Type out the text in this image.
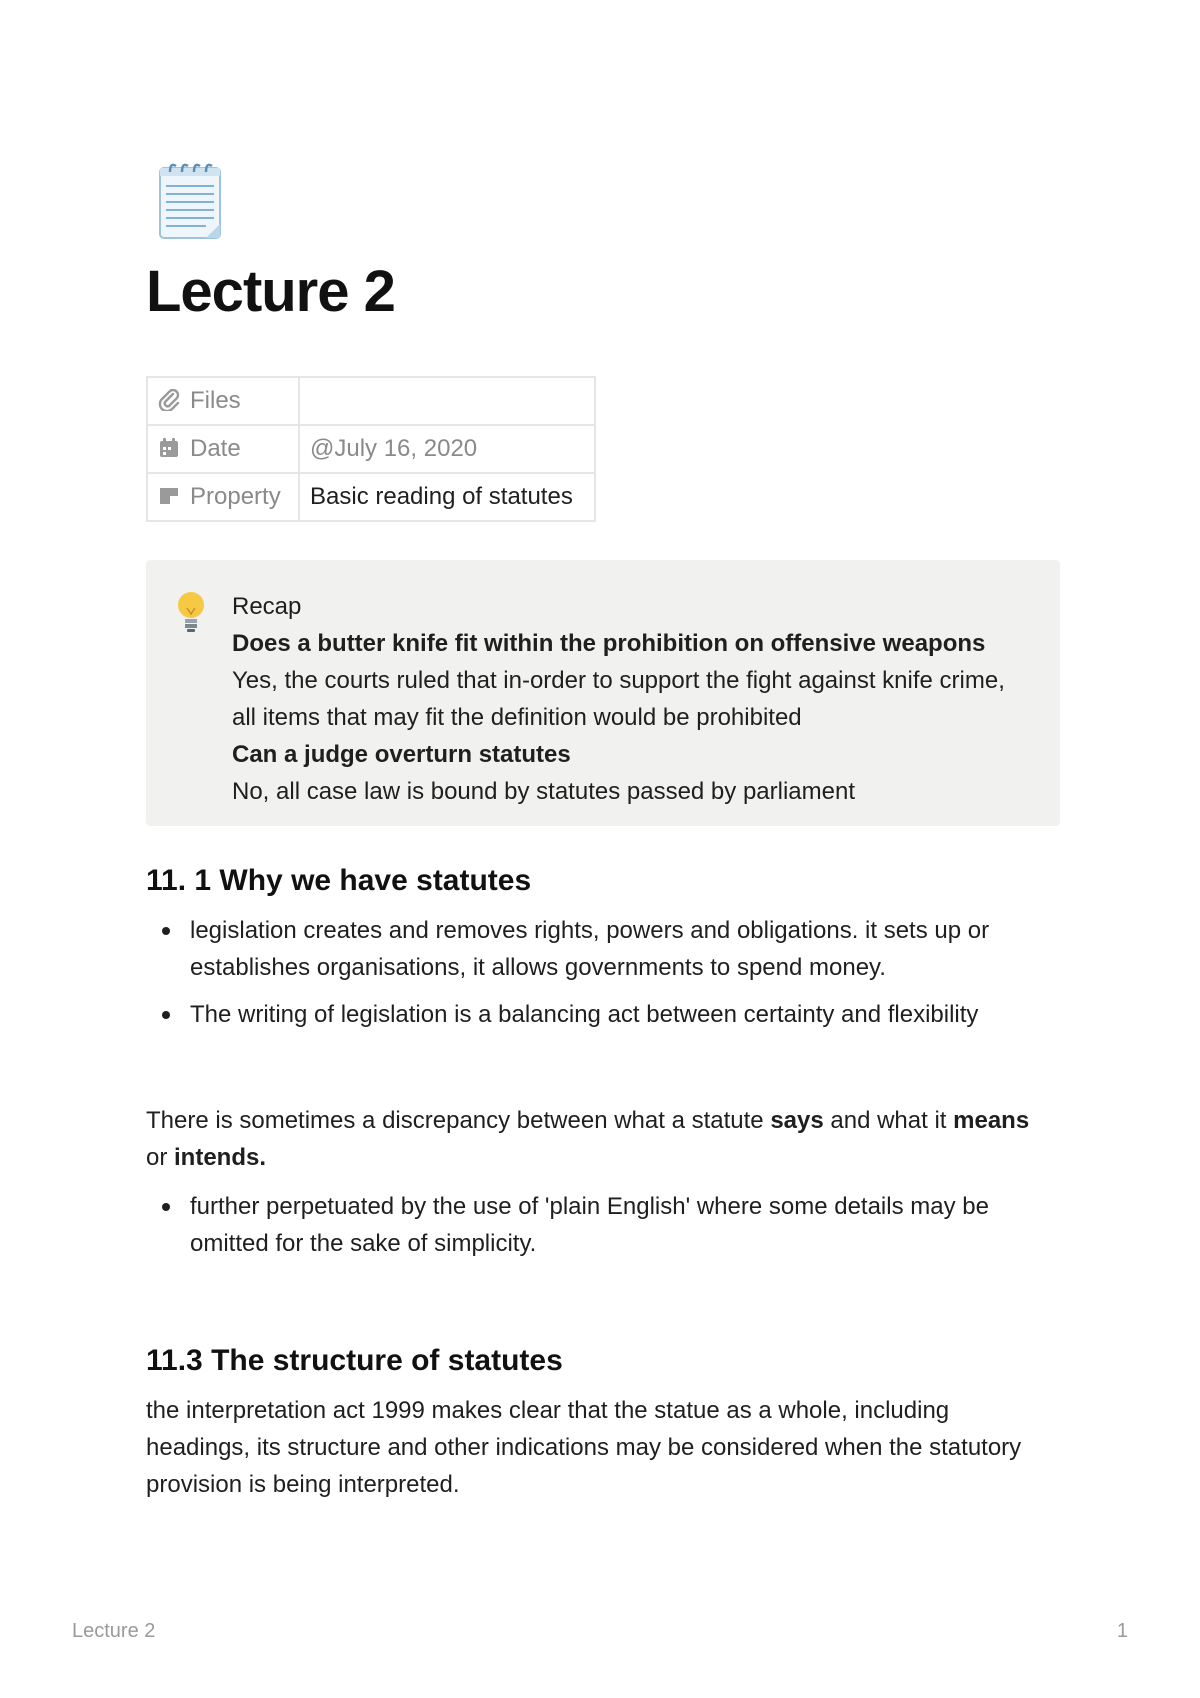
Lecture 2
Files	
Date	@July 16, 2020
Property	Basic reading of statutes
Recap
Does a butter knife fit within the prohibition on offensive weapons
Yes, the courts ruled that in-order to support the fight against knife crime,
all items that may fit the definition would be prohibited
Can a judge overturn statutes
No, all case law is bound by statutes passed by parliament
11. 1 Why we have statutes
legislation creates and removes rights, powers and obligations. it sets up or
establishes organisations, it allows governments to spend money.
The writing of legislation is a balancing act between certainty and flexibility
There is sometimes a discrepancy between what a statute says and what it means
or intends.
further perpetuated by the use of 'plain English' where some details may be
omitted for the sake of simplicity.
11.3 The structure of statutes
the interpretation act 1999 makes clear that the statue as a whole, including
headings, its structure and other indications may be considered when the statutory
provision is being interpreted.
Lecture 2	1
